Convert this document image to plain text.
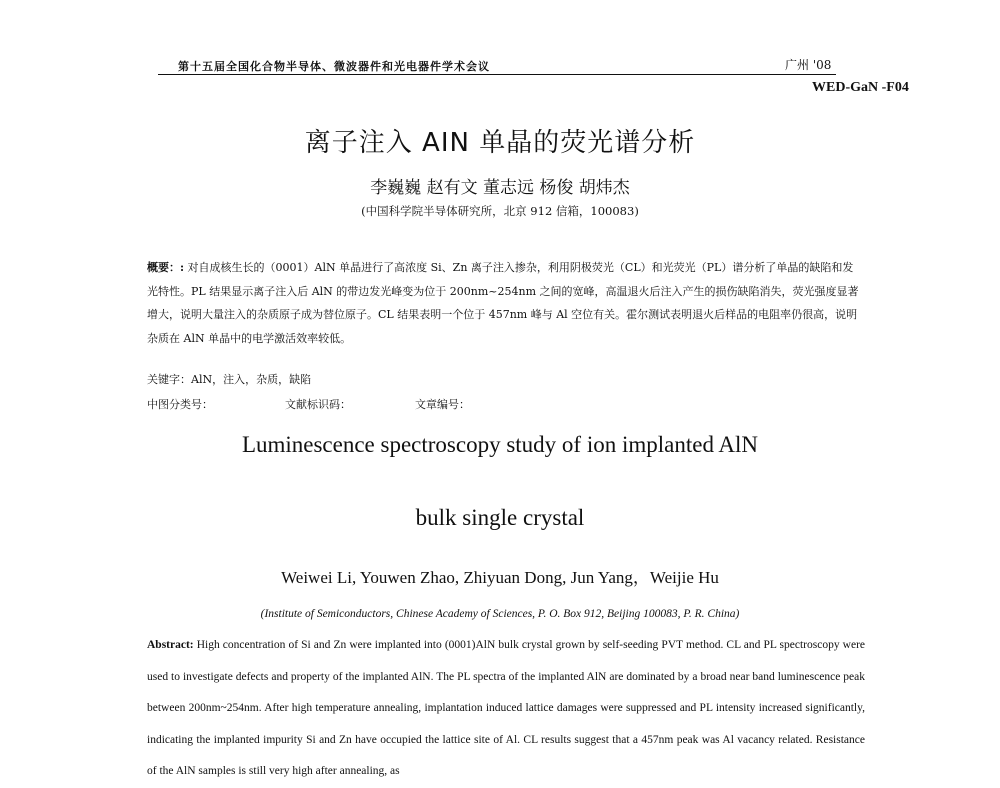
第十五届全国化合物半导体、微波器件和光电器件学术会议	广州 '08
WED-GaN -F04
离子注入 AIN 单晶的荧光谱分析
李巍巍 赵有文 董志远 杨俊 胡炜杰
(中国科学院半导体研究所，北京 912 信箱，100083)
概要：: 对自成核生长的（0001）AlN 单晶进行了高浓度 Si、Zn 离子注入掺杂，利用阴极荧光（CL）和光荧光（PL）谱分析了单晶的缺陷和发光特性。PL 结果显示离子注入后 AlN 的带边发光峰变为位于 200nm~254nm 之间的宽峰，高温退火后注入产生的损伤缺陷消失，荧光强度显著增大，说明大量注入的杂质原子成为替位原子。CL 结果表明一个位于 457nm 峰与 Al 空位有关。霍尔测试表明退火后样品的电阻率仍很高，说明杂质在 AlN 单晶中的电学激活效率较低。
关键字：AlN，注入，杂质，缺陷
中图分类号：	文献标识码：	文章编号：
Luminescence spectroscopy study of ion implanted AlN
bulk single crystal
Weiwei Li, Youwen Zhao, Zhiyuan Dong, Jun Yang，Weijie Hu
(Institute of Semiconductors, Chinese Academy of Sciences, P. O. Box 912, Beijing 100083, P. R. China)
Abstract: High concentration of Si and Zn were implanted into (0001)AlN bulk crystal grown by self-seeding PVT method. CL and PL spectroscopy were used to investigate defects and property of the implanted AlN. The PL spectra of the implanted AlN are dominated by a broad near band luminescence peak between 200nm~254nm. After high temperature annealing, implantation induced lattice damages were suppressed and PL intensity increased significantly, indicating the implanted impurity Si and Zn have occupied the lattice site of Al. CL results suggest that a 457nm peak was Al vacancy related. Resistance of the AlN samples is still very high after annealing, as
